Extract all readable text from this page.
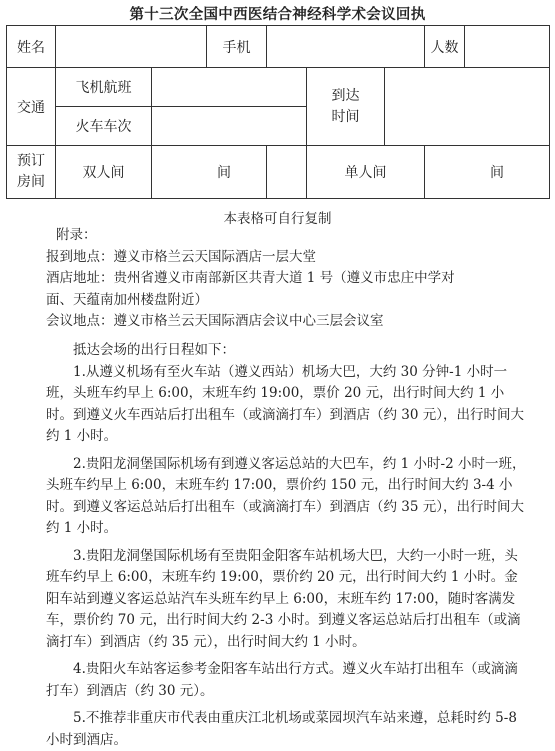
第十三次全国中西医结合神经科学术会议回执
姓名			手机				人数	
交通	飞机航班				到达
时间			
	火车车次							
预订
房间	双人间	间			单人间		间	
本表格可自行复制

附录：

报到地点：遵义市格兰云天国际酒店一层大堂

酒店地址：贵州省遵义市南部新区共青大道 1 号（遵义市忠庄中学对

面、天蕴南加州楼盘附近）

会议地点：遵义市格兰云天国际酒店会议中心三层会议室

抵达会场的出行日程如下：

1.从遵义机场有至火车站（遵义西站）机场大巴，大约 30 分钟-1 小时一班，头班车约早上 6:00，末班车约 19:00，票价 20 元，出行时间大约 1 小时。到遵义火车西站后打出租车（或滴滴打车）到酒店（约 30 元），出行时间大约 1 小时。

2.贵阳龙洞堡国际机场有到遵义客运总站的大巴车，约 1 小时-2 小时一班，头班车约早上 6:00，末班车约 17:00，票价约 150 元，出行时间大约 3-4 小时。到遵义客运总站后打出租车（或滴滴打车）到酒店（约 35 元），出行时间大约 1 小时。

3.贵阳龙洞堡国际机场有至贵阳金阳客车站机场大巴，大约一小时一班，头班车约早上 6:00，末班车约 19:00，票价约 20 元，出行时间大约 1 小时。金阳车站到遵义客运总站汽车头班车约早上 6:00，末班车约 17:00，随时客满发车，票价约 70 元，出行时间大约 2-3 小时。到遵义客运总站后打出租车（或滴滴打车）到酒店（约 35 元），出行时间大约 1 小时。

4.贵阳火车站客运参考金阳客车站出行方式。遵义火车站打出租车（或滴滴打车）到酒店（约 30 元）。

5.不推荐非重庆市代表由重庆江北机场或菜园坝汽车站来遵，总耗时约 5-8 小时到酒店。
